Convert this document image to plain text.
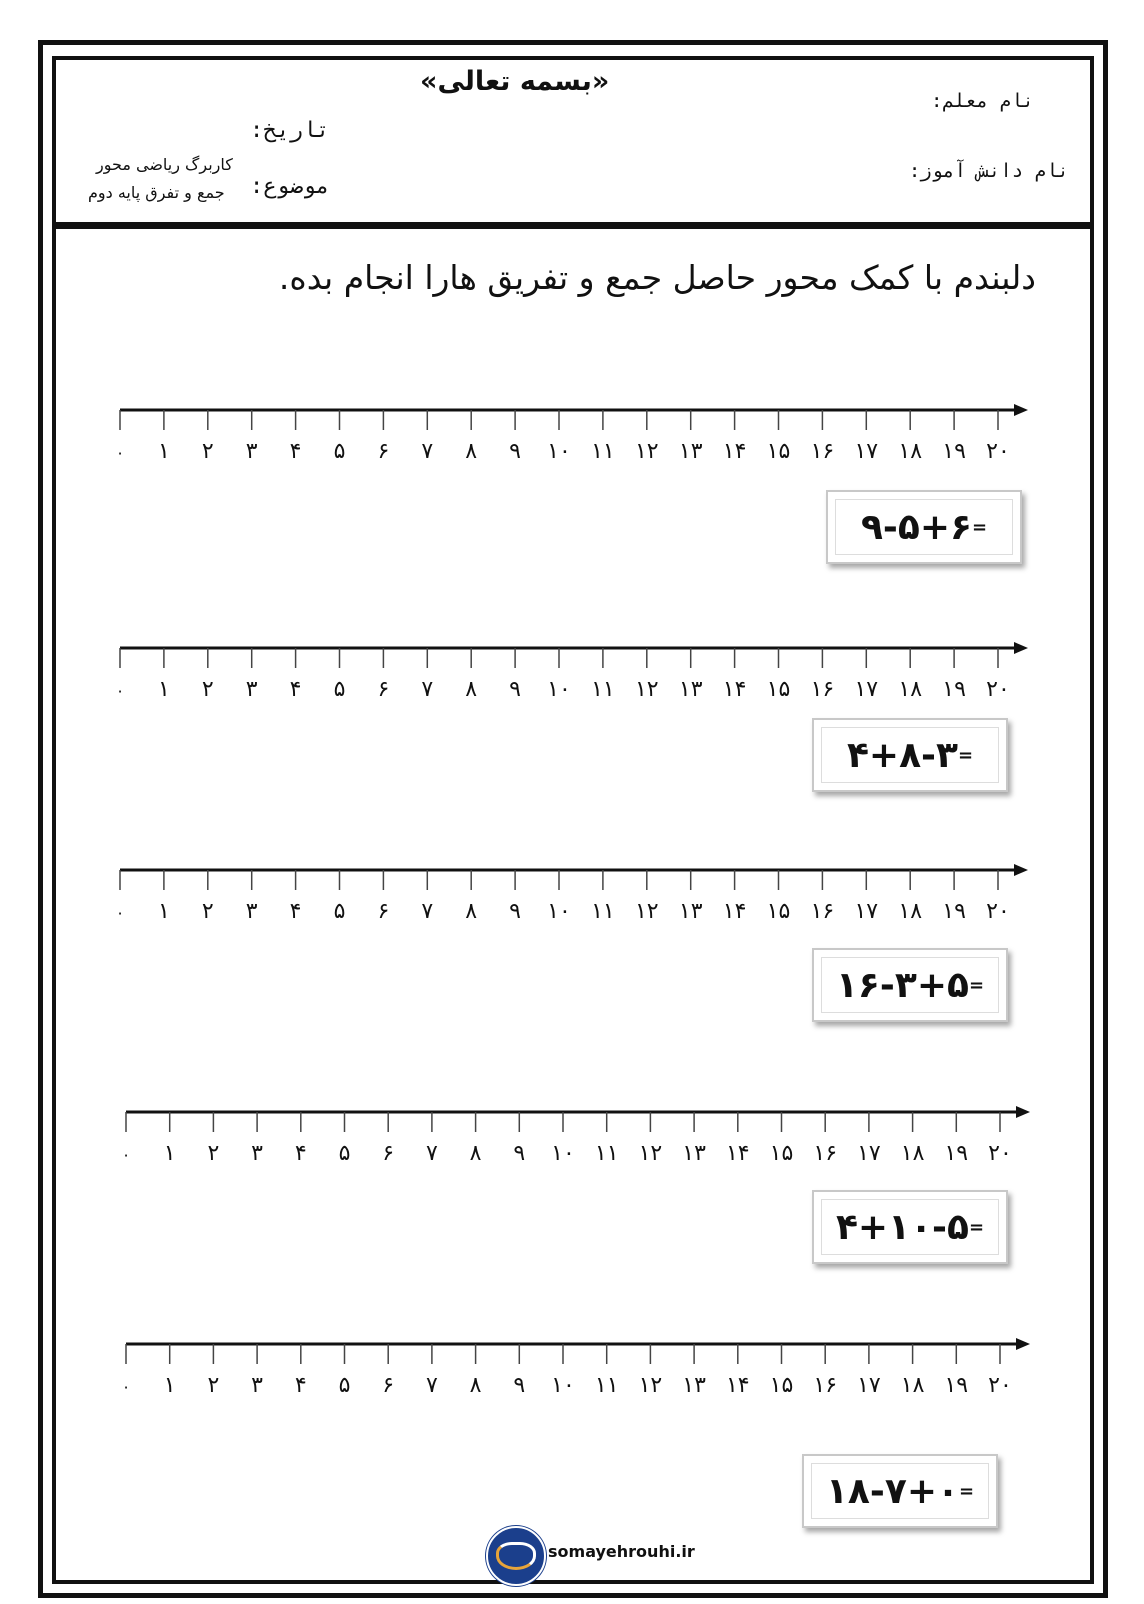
«بسمه تعالی»
نام معلم:
نام دانش آموز:
تاریخ:
موضوع:
کاربرگ ریاضی محور
جمع و تفرق پایه دوم
دلبندم با کمک محور حاصل جمع و تفریق هارا انجام بده.
۰ ۱ ۲ ۳ ۴ ۵ ۶ ۷ ۸ ۹ ۱۰ ۱۱ ۱۲ ۱۳ ۱۴ ۱۵ ۱۶ ۱۷ ۱۸ ۱۹ ۲۰
۰ ۱ ۲ ۳ ۴ ۵ ۶ ۷ ۸ ۹ ۱۰ ۱۱ ۱۲ ۱۳ ۱۴ ۱۵ ۱۶ ۱۷ ۱۸ ۱۹ ۲۰
۰ ۱ ۲ ۳ ۴ ۵ ۶ ۷ ۸ ۹ ۱۰ ۱۱ ۱۲ ۱۳ ۱۴ ۱۵ ۱۶ ۱۷ ۱۸ ۱۹ ۲۰
۰ ۱ ۲ ۳ ۴ ۵ ۶ ۷ ۸ ۹ ۱۰ ۱۱ ۱۲ ۱۳ ۱۴ ۱۵ ۱۶ ۱۷ ۱۸ ۱۹ ۲۰
۰ ۱ ۲ ۳ ۴ ۵ ۶ ۷ ۸ ۹ ۱۰ ۱۱ ۱۲ ۱۳ ۱۴ ۱۵ ۱۶ ۱۷ ۱۸ ۱۹ ۲۰
۹-۵+۶ =
۴+۸-۳ =
۱۶-۳+۵ =
۴+۱۰-۵ =
۱۸-۷+۰ =
somayehrouhi.ir
